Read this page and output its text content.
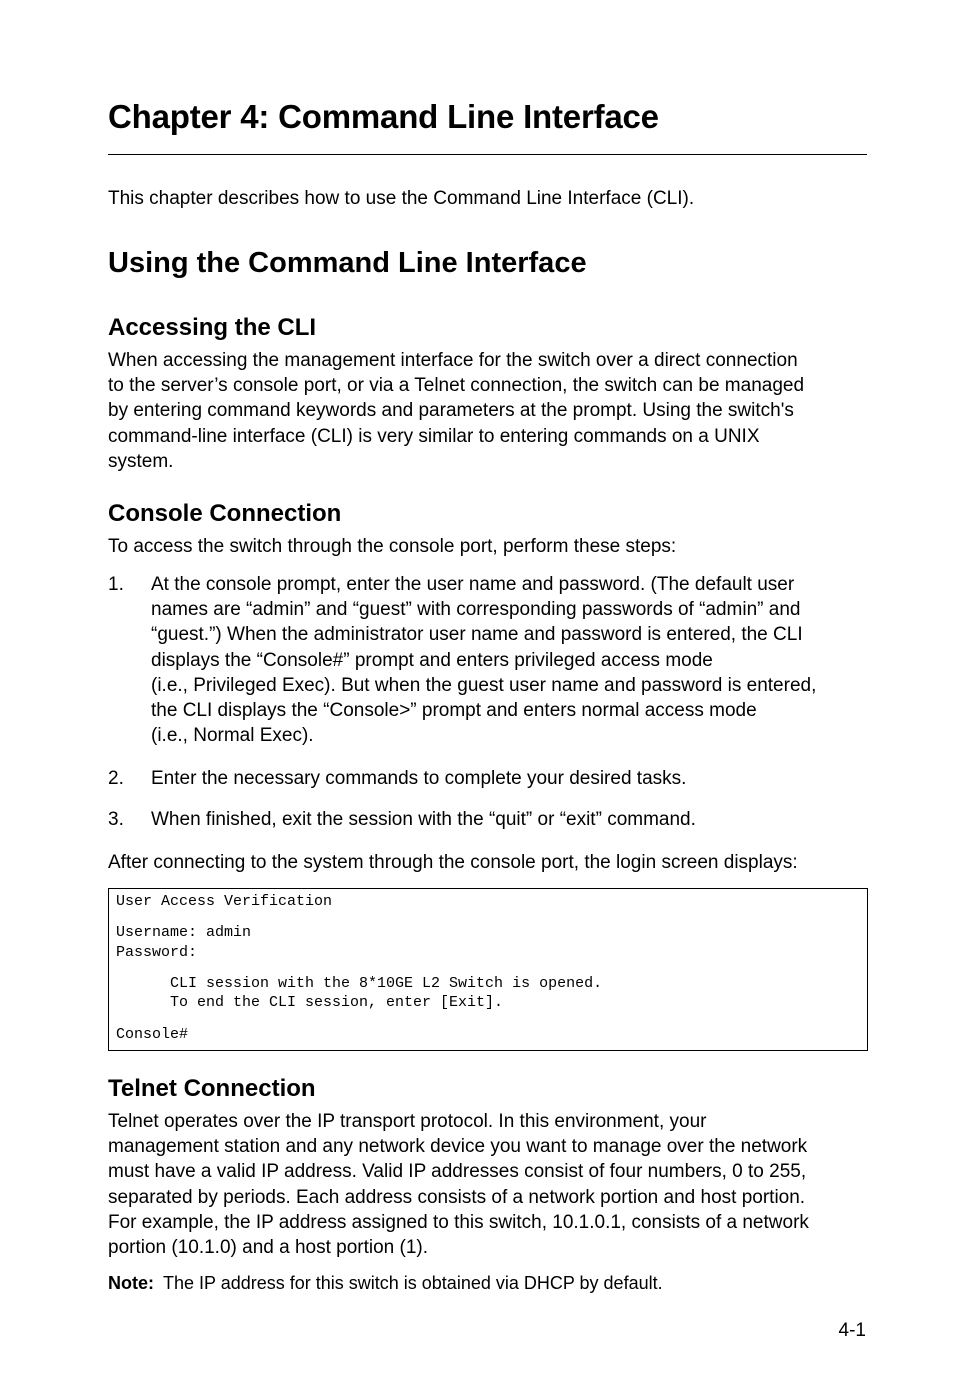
Chapter 4: Command Line Interface

This chapter describes how to use the Command Line Interface (CLI).

Using the Command Line Interface
Accessing the CLI
When accessing the management interface for the switch over a direct connection
to the server’s console port, or via a Telnet connection, the switch can be managed
by entering command keywords and parameters at the prompt. Using the switch's
command-line interface (CLI) is very similar to entering commands on a UNIX
system.
Console Connection

To access the switch through the console port, perform these steps:

1. At the console prompt, enter the user name and password. (The default user
names are “admin” and “guest” with corresponding passwords of “admin” and
“guest.”) When the administrator user name and password is entered, the CLI
displays the “Console#” prompt and enters privileged access mode
(i.e., Privileged Exec). But when the guest user name and password is entered,
the CLI displays the “Console>” prompt and enters normal access mode
(i.e., Normal Exec).
2. Enter the necessary commands to complete your desired tasks.
3. When finished, exit the session with the “quit” or “exit” command.

After connecting to the system through the console port, the login screen displays:

User Access Verification
Username: admin
Password:
CLI session with the 8*10GE L2 Switch is opened.
To end the CLI session, enter [Exit].
Console#
Telnet Connection
Telnet operates over the IP transport protocol. In this environment, your
management station and any network device you want to manage over the network
must have a valid IP address. Valid IP addresses consist of four numbers, 0 to 255,
separated by periods. Each address consists of a network portion and host portion.
For example, the IP address assigned to this switch, 10.1.0.1, consists of a network
portion (10.1.0) and a host portion (1).
Note: The IP address for this switch is obtained via DHCP by default.
4-1
